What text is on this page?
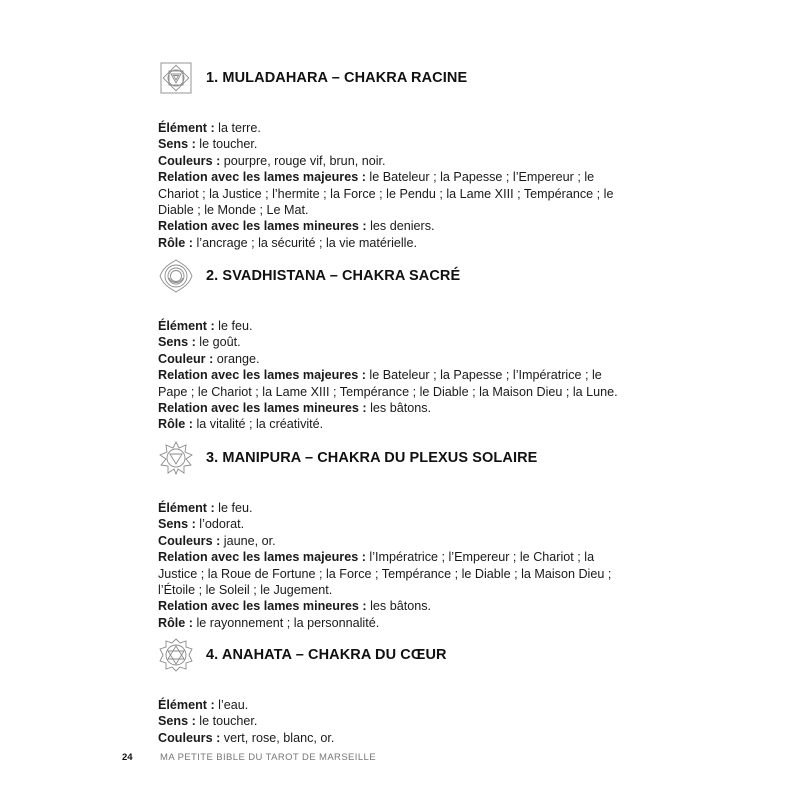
1. MULADAHARA – CHAKRA RACINE
Élément : la terre.
Sens : le toucher.
Couleurs : pourpre, rouge vif, brun, noir.
Relation avec les lames majeures : le Bateleur ; la Papesse ; l’Empereur ; le Chariot ; la Justice ; l’hermite ; la Force ; le Pendu ; la Lame XIII ; Tempérance ; le Diable ; le Monde ; Le Mat.
Relation avec les lames mineures : les deniers.
Rôle : l’ancrage ; la sécurité ; la vie matérielle.
2. SVADHISTANA – CHAKRA SACRÉ
Élément : le feu.
Sens : le goût.
Couleur : orange.
Relation avec les lames majeures : le Bateleur ; la Papesse ; l’Impératrice ; le Pape ; le Chariot ; la Lame XIII ; Tempérance ; le Diable ; la Maison Dieu ; la Lune.
Relation avec les lames mineures : les bâtons.
Rôle : la vitalité ; la créativité.
3. MANIPURA – CHAKRA DU PLEXUS SOLAIRE
Élément : le feu.
Sens : l’odorat.
Couleurs : jaune, or.
Relation avec les lames majeures : l’Impératrice ; l’Empereur ; le Chariot ; la Justice ; la Roue de Fortune ; la Force ; Tempérance ; le Diable ; la Maison Dieu ; l’Étoile ; le Soleil ; le Jugement.
Relation avec les lames mineures : les bâtons.
Rôle : le rayonnement ; la personnalité.
4. ANAHATA – CHAKRA DU CŒUR
Élément : l’eau.
Sens : le toucher.
Couleurs : vert, rose, blanc, or.
24	MA PETITE BIBLE DU TAROT DE MARSEILLE
